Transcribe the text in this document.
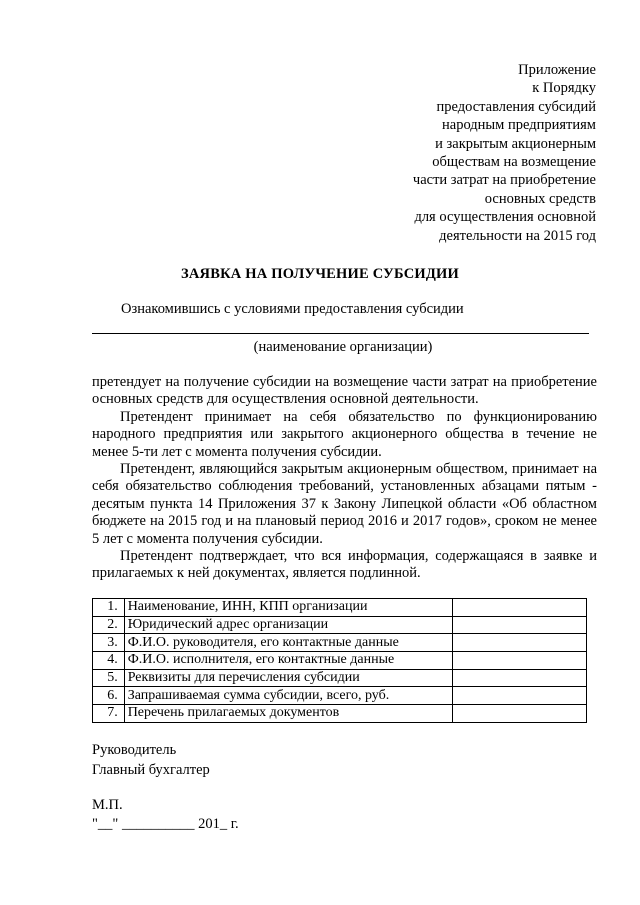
Приложение
к Порядку
предоставления субсидий
народным предприятиям
и закрытым акционерным
обществам на возмещение
части затрат на приобретение
основных средств
для осуществления основной
деятельности на 2015 год
ЗАЯВКА НА ПОЛУЧЕНИЕ СУБСИДИИ
Ознакомившись с условиями предоставления субсидии
(наименование организации)

претендует на получение субсидии на возмещение части затрат на приобретение основных средств для осуществления основной деятельности.

Претендент принимает на себя обязательство по функционированию народного предприятия или закрытого акционерного общества в течение не менее 5-ти лет с момента получения субсидии.

Претендент, являющийся закрытым акционерным обществом, принимает на себя обязательство соблюдения требований, установленных абзацами пятым - десятым пункта 14 Приложения 37 к Закону Липецкой области «Об областном бюджете на 2015 год и на плановый период 2016 и 2017 годов», сроком не менее 5 лет с момента получения субсидии.

Претендент подтверждает, что вся информация, содержащаяся в заявке и прилагаемых к ней документах, является подлинной.

1.	Наименование, ИНН, КПП организации	
2.	Юридический адрес организации	
3.	Ф.И.О. руководителя, его контактные данные	
4.	Ф.И.О. исполнителя, его контактные данные	
5.	Реквизиты для перечисления субсидии	
6.	Запрашиваемая сумма субсидии, всего, руб.	
7.	Перечень прилагаемых документов	
Руководитель
Главный бухгалтер
М.П.
"__" __________ 201_ г.
